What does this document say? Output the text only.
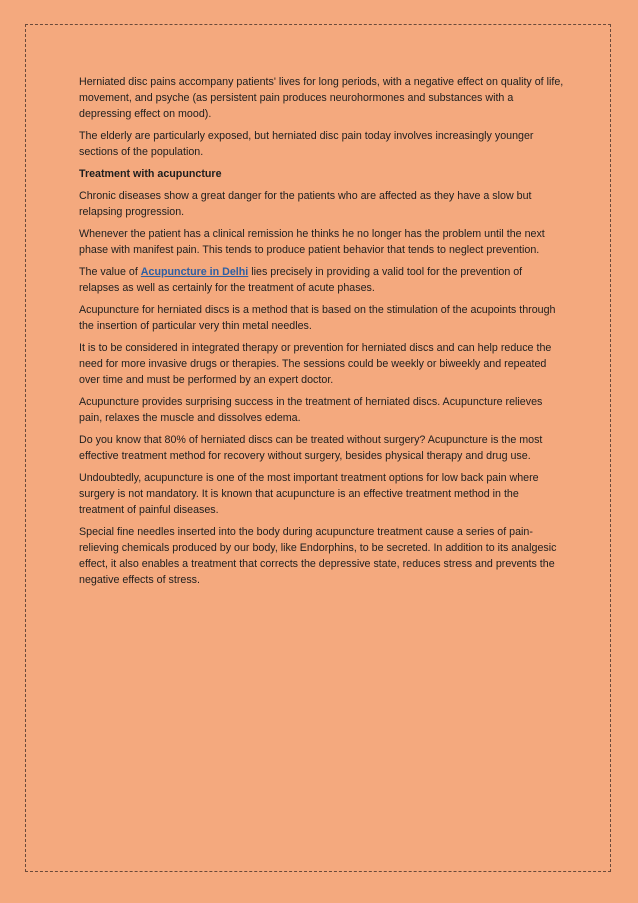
Herniated disc pains accompany patients' lives for long periods, with a negative effect on quality of life, movement, and psyche (as persistent pain produces neurohormones and substances with a depressing effect on mood).

The elderly are particularly exposed, but herniated disc pain today involves increasingly younger sections of the population.

Treatment with acupuncture

Chronic diseases show a great danger for the patients who are affected as they have a slow but relapsing progression.

Whenever the patient has a clinical remission he thinks he no longer has the problem until the next phase with manifest pain. This tends to produce patient behavior that tends to neglect prevention.

The value of Acupuncture in Delhi lies precisely in providing a valid tool for the prevention of relapses as well as certainly for the treatment of acute phases.

Acupuncture for herniated discs is a method that is based on the stimulation of the acupoints through the insertion of particular very thin metal needles.

It is to be considered in integrated therapy or prevention for herniated discs and can help reduce the need for more invasive drugs or therapies. The sessions could be weekly or biweekly and repeated over time and must be performed by an expert doctor.

Acupuncture provides surprising success in the treatment of herniated discs. Acupuncture relieves pain, relaxes the muscle and dissolves edema.

Do you know that 80% of herniated discs can be treated without surgery? Acupuncture is the most effective treatment method for recovery without surgery, besides physical therapy and drug use.

Undoubtedly, acupuncture is one of the most important treatment options for low back pain where surgery is not mandatory. It is known that acupuncture is an effective treatment method in the treatment of painful diseases.

Special fine needles inserted into the body during acupuncture treatment cause a series of pain-relieving chemicals produced by our body, like Endorphins, to be secreted. In addition to its analgesic effect, it also enables a treatment that corrects the depressive state, reduces stress and prevents the negative effects of stress.
